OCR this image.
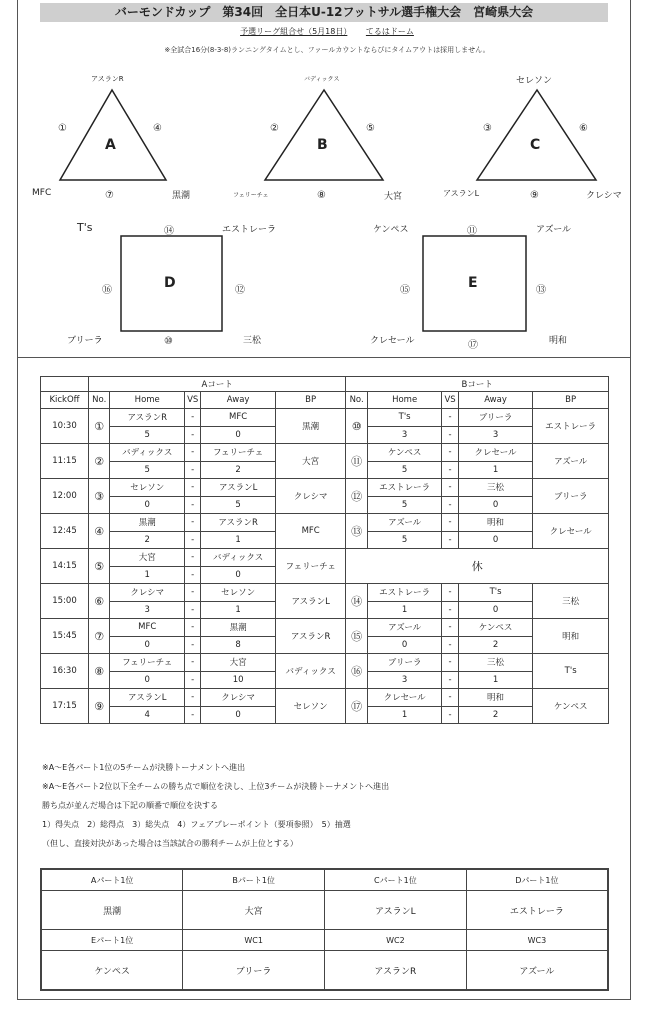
バーモンドカップ　第34回　全日本U-12フットサル選手権大会　宮崎県大会
予選リーグ組合せ（5月18日）　　 てるはドーム
※全試合16分(8-3-8)ランニングタイムとし、ファールカウントならびにタイムアウトは採用しません。
アスランR
①	④
A
MFC	⑦	黒潮
バディックス
②	⑤
B
フェリーチェ	⑧	大宮
セレソン
③	⑥
C
アスランL	⑨	クレシマ
T's	⑭	エストレーラ
⑯	D	⑫
ブリーラ	⑩	三松
ケンペス	⑪	アズール
⑮	E	⑬
クレセール	⑰	明和
	Aコート					Bコート				
KickOff	No.	Home	VS	Away	BP	No.	Home	VS	Away	BP
10:30	①	アスランR	-	MFC	黒潮	⑩	T's	-	ブリーラ	エストレーラ
		5	-	0			3	-	3	
11:15	②	バディックス	-	フェリーチェ	大宮	⑪	ケンペス	-	クレセール	アズール
		5	-	2			5	-	1	
12:00	③	セレソン	-	アスランL	クレシマ	⑫	エストレーラ	-	三松	ブリーラ
		0	-	5			5	-	0	
12:45	④	黒潮	-	アスランR	MFC	⑬	アズール	-	明和	クレセール
		2	-	1			5	-	0	
14:15	⑤	大宮	-	バディックス	フェリーチェ	休				
		1	-	0						
15:00	⑥	クレシマ	-	セレソン	アスランL	⑭	エストレーラ	-	T's	三松
		3	-	1			1	-	0	
15:45	⑦	MFC	-	黒潮	アスランR	⑮	アズール	-	ケンペス	明和
		0	-	8			0	-	2	
16:30	⑧	フェリーチェ	-	大宮	バディックス	⑯	ブリーラ	-	三松	T's
		0	-	10			3	-	1	
17:15	⑨	アスランL	-	クレシマ	セレソン	⑰	クレセール	-	明和	ケンペス
		4	-	0			1	-	2	
※A～E各パート1位の5チームが決勝トーナメントへ進出
※A～E各パート2位以下全チームの勝ち点で順位を決し、上位3チームが決勝トーナメントへ進出
勝ち点が並んだ場合は下記の順番で順位を決する
1）得失点　2）総得点　3）総失点　4）フェアプレーポイント（要項参照）　5）抽選
（但し、直接対決があった場合は当該試合の勝利チームが上位とする）
Aパート1位	Bパート1位	Cパート1位	Dパート1位
黒潮	大宮	アスランL	エストレーラ
Eパート1位	WC1	WC2	WC3
ケンペス	ブリーラ	アスランR	アズール
